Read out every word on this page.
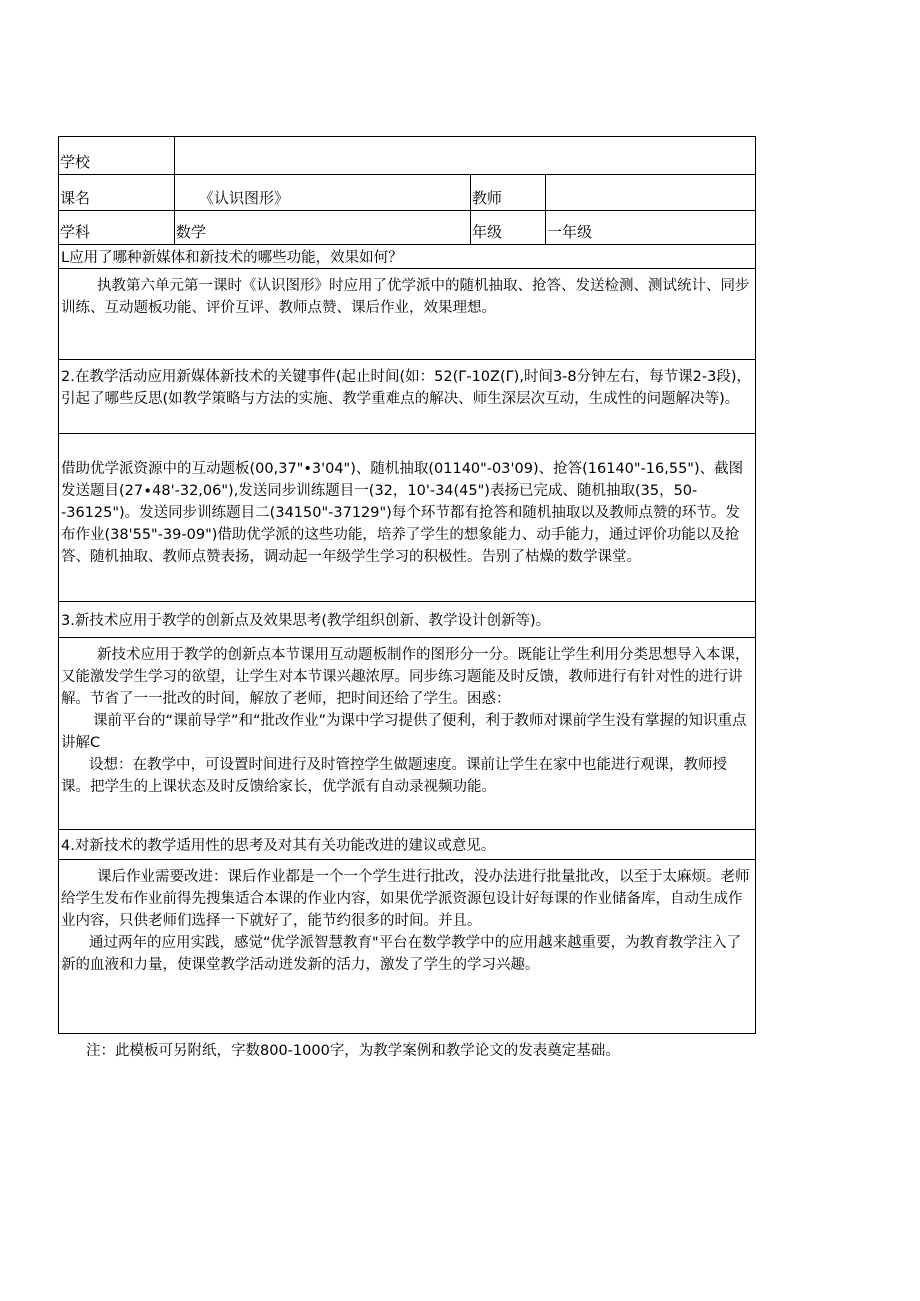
学校
课名	《认识图形》	教师
学科	数学	年级	一年级
L应用了哪种新媒体和新技术的哪些功能，效果如何？

执教第六单元第一课时《认识图形》时应用了优学派中的随机抽取、抢答、发送检测、测试统计、同步训练、互动题板功能、评价互评、教师点赞、课后作业，效果理想。

2.在教学活动应用新媒体新技术的关键事件(起止时间(如：52(Γ-10Z(Γ),时间3-8分钟左右，每节课2-3段)，引起了哪些反思(如教学策略与方法的实施、教学重难点的解决、师生深层次互动，生成性的问题解决等)。

借助优学派资源中的互动题板(00,37"•3'04")、随机抽取(01140"-03'09)、抢答(16140"-16,55")、截图发送题目(27∙48'-32,06"),发送同步训练题目一(32，10'-34(45")表扬已完成、随机抽取(35，50--36125")。发送同步训练题目二(34150"-37129")每个环节都有抢答和随机抽取以及教师点赞的环节。发布作业(38'55"-39-09")借助优学派的这些功能，培养了学生的想象能力、动手能力，通过评价功能以及抢答、随机抽取、教师点赞表扬，调动起一年级学生学习的积极性。告别了枯燥的数学课堂。

3.新技术应用于教学的创新点及效果思考(教学组织创新、教学设计创新等)。

新技术应用于教学的创新点本节课用互动题板制作的图形分一分。既能让学生利用分类思想导入本课，又能激发学生学习的欲望，让学生对本节课兴趣浓厚。同步练习题能及时反馈，教师进行有针对性的进行讲解。节省了一一批改的时间，解放了老师，把时间还给了学生。困惑：

课前平台的“课前导学”和“批改作业”为课中学习提供了便利，利于教师对课前学生没有掌握的知识重点讲解C

设想：在教学中，可设置时间进行及时管控学生做题速度。课前让学生在家中也能进行观课，教师授课。把学生的上课状态及时反馈给家长，优学派有自动录视频功能。

4.对新技术的教学适用性的思考及对其有关功能改进的建议或意见。

课后作业需要改进：课后作业都是一个一个学生进行批改，没办法进行批量批改，以至于太麻烦。老师给学生发布作业前得先搜集适合本课的作业内容，如果优学派资源包设计好每课的作业储备库，自动生成作业内容，只供老师们选择一下就好了，能节约很多的时间。并且。

通过两年的应用实践，感觉“优学派智慧教育"平台在数学教学中的应用越来越重要，为教育教学注入了新的血液和力量，使课堂教学活动迸发新的活力，激发了学生的学习兴趣。

注：此模板可另附纸，字数800-1000字，为教学案例和教学论文的发表奠定基础。
